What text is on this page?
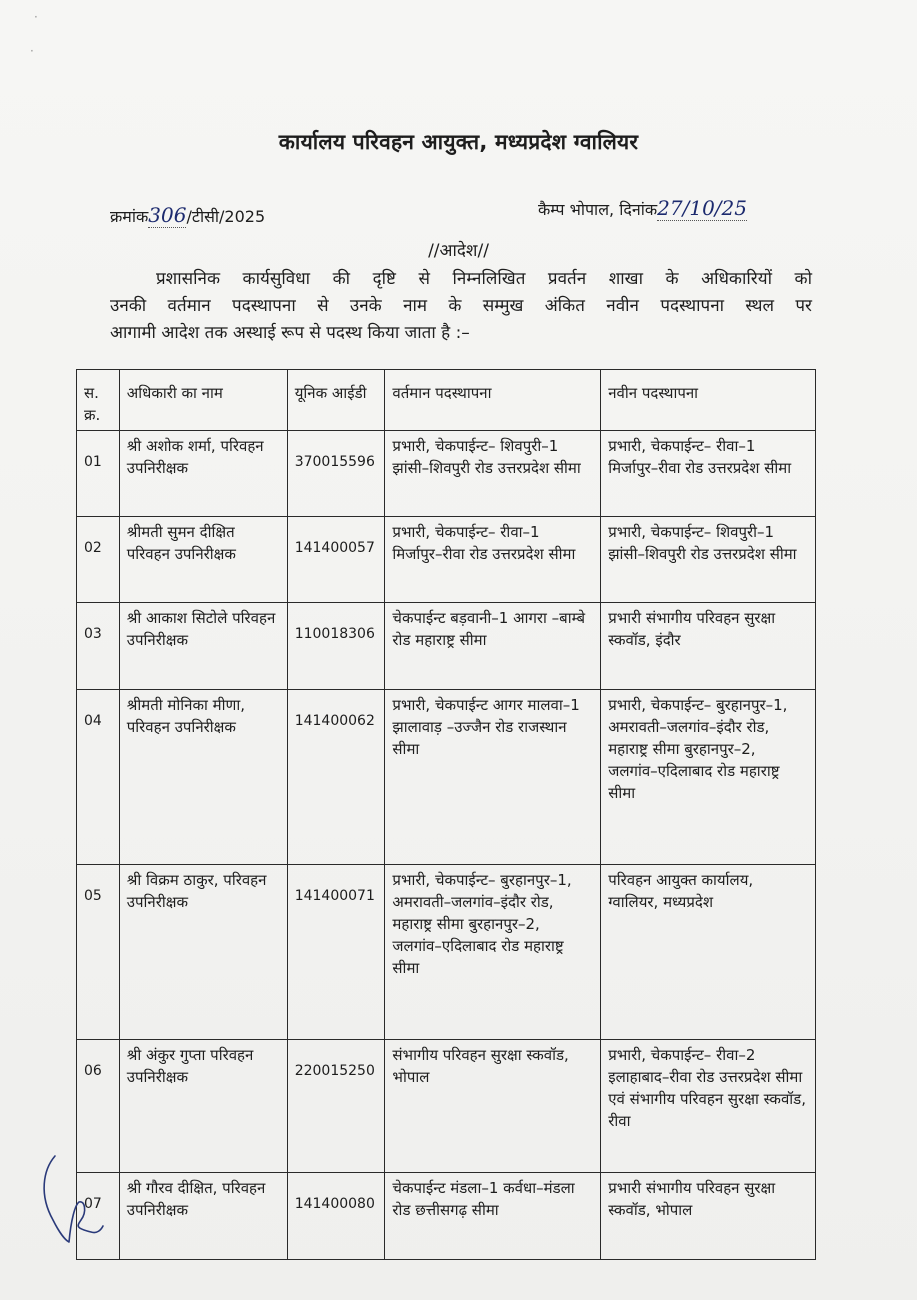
कार्यालय परिवहन आयुक्त, मध्यप्रदेश ग्वालियर
क्रमांक306/टीसी/2025	कैम्प भोपाल, दिनांक27/10/25
//आदेश//
प्रशासनिक कार्यसुविधा की दृष्टि से निम्नलिखित प्रवर्तन शाखा के अधिकारियों को
उनकी वर्तमान पदस्थापना से उनके नाम के सम्मुख अंकित नवीन पदस्थापना स्थल पर
आगामी आदेश तक अस्थाई रूप से पदस्थ किया जाता है :–
स. क्र.	अधिकारी का नाम	यूनिक आईडी	वर्तमान पदस्थापना	नवीन पदस्थापना
01	श्री अशोक शर्मा, परिवहन उपनिरीक्षक	370015596	प्रभारी, चेकपाईन्ट– शिवपुरी–1 झांसी–शिवपुरी रोड उत्तरप्रदेश सीमा	प्रभारी, चेकपाईन्ट– रीवा–1 मिर्जापुर–रीवा रोड उत्तरप्रदेश सीमा
02	श्रीमती सुमन दीक्षित परिवहन उपनिरीक्षक	141400057	प्रभारी, चेकपाईन्ट– रीवा–1 मिर्जापुर–रीवा रोड उत्तरप्रदेश सीमा	प्रभारी, चेकपाईन्ट– शिवपुरी–1 झांसी–शिवपुरी रोड उत्तरप्रदेश सीमा
03	श्री आकाश सिटोले परिवहन उपनिरीक्षक	110018306	चेकपाईन्ट बड़वानी–1 आगरा –बाम्बे रोड महाराष्ट्र सीमा	प्रभारी संभागीय परिवहन सुरक्षा स्कवॉड, इंदौर
04	श्रीमती मोनिका मीणा, परिवहन उपनिरीक्षक	141400062	प्रभारी, चेकपाईन्ट आगर मालवा–1 झालावाड़ –उज्जैन रोड राजस्थान सीमा	प्रभारी, चेकपाईन्ट– बुरहानपुर–1, अमरावती–जलगांव–इंदौर रोड, महाराष्ट्र सीमा बुरहानपुर–2, जलगांव–एदिलाबाद रोड महाराष्ट्र सीमा
05	श्री विक्रम ठाकुर, परिवहन उपनिरीक्षक	141400071	प्रभारी, चेकपाईन्ट– बुरहानपुर–1, अमरावती–जलगांव–इंदौर रोड, महाराष्ट्र सीमा बुरहानपुर–2, जलगांव–एदिलाबाद रोड महाराष्ट्र सीमा	परिवहन आयुक्त कार्यालय, ग्वालियर, मध्यप्रदेश
06	श्री अंकुर गुप्ता परिवहन उपनिरीक्षक	220015250	संभागीय परिवहन सुरक्षा स्कवॉड, भोपाल	प्रभारी, चेकपाईन्ट– रीवा–2 इलाहाबाद–रीवा रोड उत्तरप्रदेश सीमा एवं संभागीय परिवहन सुरक्षा स्कवॉड, रीवा
07	श्री गौरव दीक्षित, परिवहन उपनिरीक्षक	141400080	चेकपाईन्ट मंडला–1 कर्वधा–मंडला रोड छत्तीसगढ़ सीमा	प्रभारी संभागीय परिवहन सुरक्षा स्कवॉड, भोपाल
·
·
